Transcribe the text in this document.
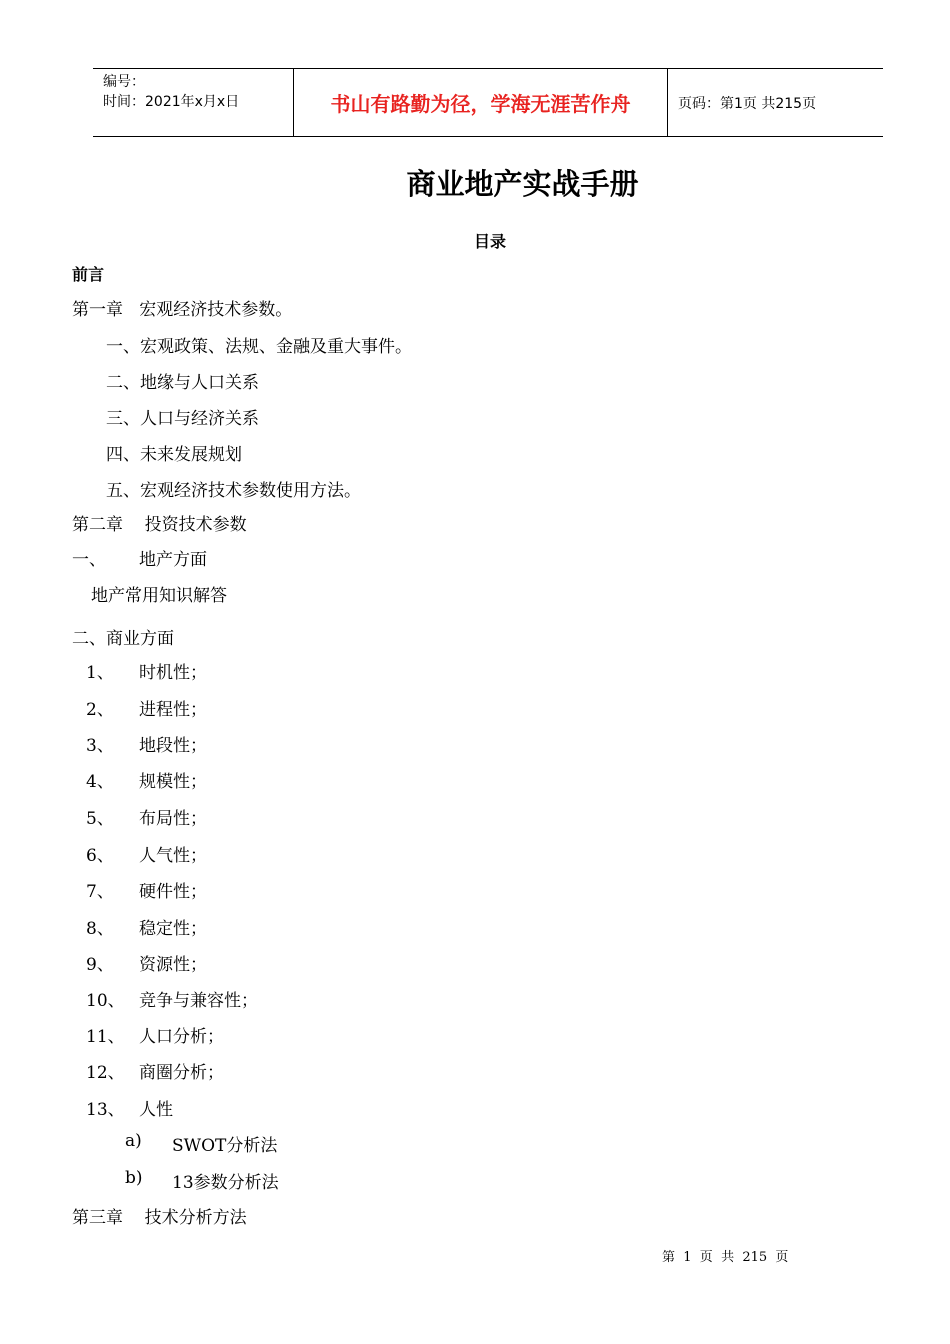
编号：
时间：2021年x月x日	书山有路勤为径，学海无涯苦作舟	页码：第1页 共215页
商业地产实战手册
目录
前言
第一章   宏观经济技术参数。
一、宏观政策、法规、金融及重大事件。
二、地缘与人口关系
三、人口与经济关系
四、未来发展规划
五、宏观经济技术参数使用方法。
第二章    投资技术参数
一、 地产方面
地产常用知识解答
二、商业方面
1、 时机性；
2、 进程性；
3、 地段性；
4、 规模性；
5、 布局性；
6、 人气性；
7、 硬件性；
8、 稳定性；
9、 资源性；
10、 竞争与兼容性；
11、 人口分析；
12、 商圈分析；
13、 人性
a) SWOT分析法
b) 13参数分析法
第三章    技术分析方法
第  1  页  共  215  页
